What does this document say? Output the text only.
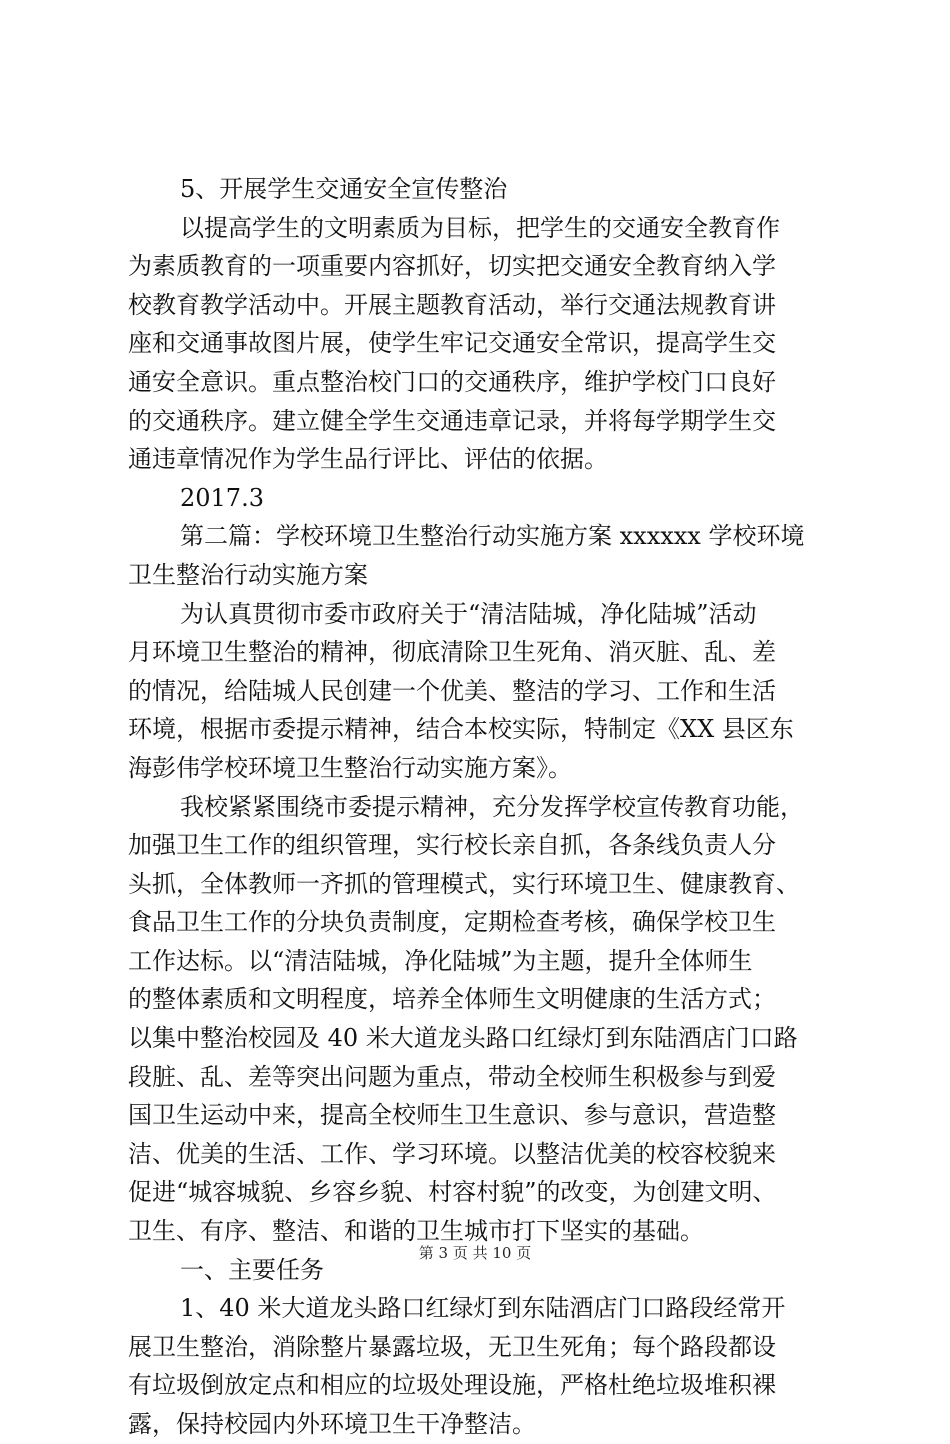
5、开展学生交通安全宣传整治
以提高学生的文明素质为目标，把学生的交通安全教育作
为素质教育的一项重要内容抓好，切实把交通安全教育纳入学
校教育教学活动中。开展主题教育活动，举行交通法规教育讲
座和交通事故图片展，使学生牢记交通安全常识，提高学生交
通安全意识。重点整治校门口的交通秩序，维护学校门口良好
的交通秩序。建立健全学生交通违章记录，并将每学期学生交
通违章情况作为学生品行评比、评估的依据。
2017.3
第二篇：学校环境卫生整治行动实施方案 xxxxxx 学校环境
卫生整治行动实施方案
为认真贯彻市委市政府关于“清洁陆城，净化陆城”活动
月环境卫生整治的精神，彻底清除卫生死角、消灭脏、乱、差
的情况，给陆城人民创建一个优美、整洁的学习、工作和生活
环境，根据市委提示精神，结合本校实际，特制定《XX 县区东
海彭伟学校环境卫生整治行动实施方案》。
我校紧紧围绕市委提示精神，充分发挥学校宣传教育功能，
加强卫生工作的组织管理，实行校长亲自抓，各条线负责人分
头抓，全体教师一齐抓的管理模式，实行环境卫生、健康教育、
食品卫生工作的分块负责制度，定期检查考核，确保学校卫生
工作达标。以“清洁陆城，净化陆城”为主题，提升全体师生
的整体素质和文明程度，培养全体师生文明健康的生活方式；
以集中整治校园及 40 米大道龙头路口红绿灯到东陆酒店门口路
段脏、乱、差等突出问题为重点，带动全校师生积极参与到爱
国卫生运动中来，提高全校师生卫生意识、参与意识，营造整
洁、优美的生活、工作、学习环境。以整洁优美的校容校貌来
促进“城容城貌、乡容乡貌、村容村貌”的改变，为创建文明、
卫生、有序、整洁、和谐的卫生城市打下坚实的基础。
一、主要任务
1、40 米大道龙头路口红绿灯到东陆酒店门口路段经常开
展卫生整治，消除整片暴露垃圾，无卫生死角；每个路段都设
有垃圾倒放定点和相应的垃圾处理设施，严格杜绝垃圾堆积裸
露，保持校园内外环境卫生干净整洁。
第 3 页 共 10 页
